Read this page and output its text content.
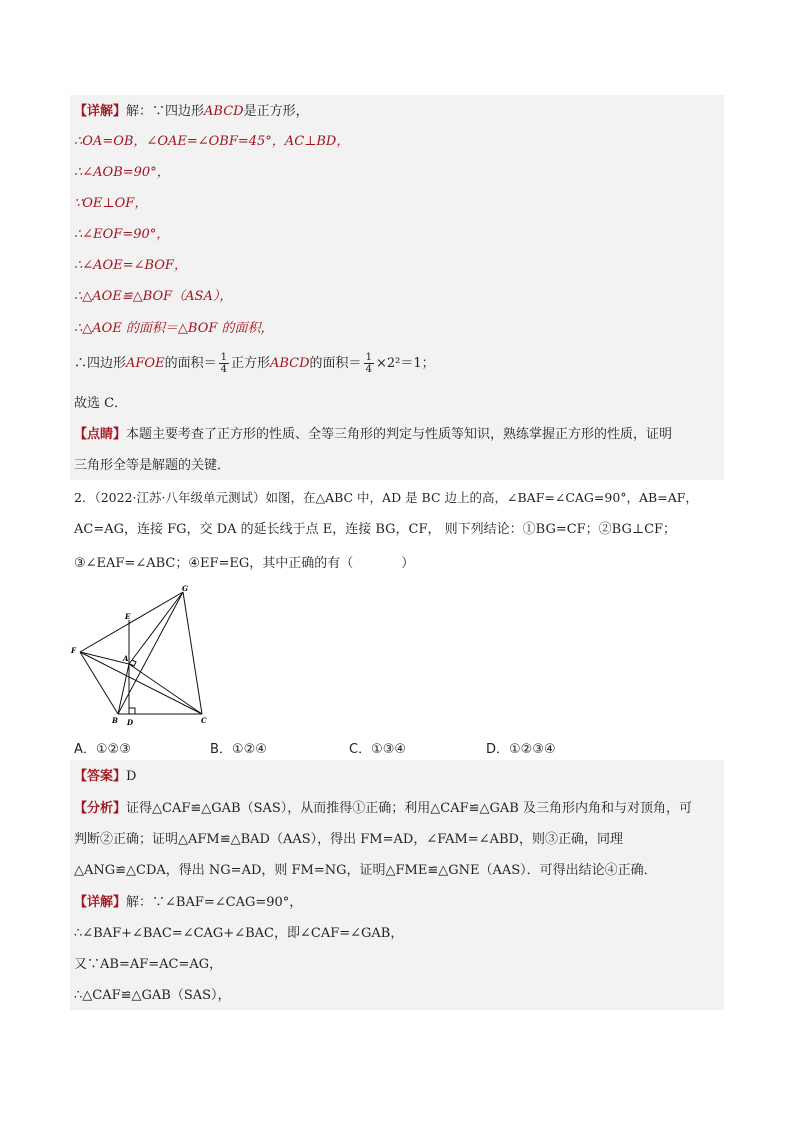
【详解】解：∵四边形ABCD是正方形，
∴OA=OB，∠OAE=∠OBF=45°，AC⊥BD，
∴∠AOB=90°，
∵OE⊥OF，
∴∠EOF=90°，
∴∠AOE=∠BOF，
∴△AOE≌△BOF（ASA），
∴△AOE 的面积＝△BOF 的面积，
∴四边形AFOE的面积＝ $\frac{1}{4}$ 正方形ABCD的面积＝ $\frac{1}{4} \times 2^2=1$；
故选 C．
【点睛】本题主要考查了正方形的性质、全等三角形的判定与性质等知识，熟练掌握正方形的性质，证明
三角形全等是解题的关键．
2．（2022·江苏·八年级单元测试）如图，在△ABC 中，AD 是 BC 边上的高，∠BAF=∠CAG=90°，AB=AF，
AC=AG，连接 FG，交 DA 的延长线于点 E，连接 BG，CF， 则下列结论：①BG=CF；②BG⊥CF；
③∠EAF=∠ABC；④EF=EG，其中正确的有（	）
G
E
F
A
B D	C
A．①②③	B．①②④	C．①③④	D．①②③④
【答案】D
【分析】证得△CAF≌△GAB（SAS），从而推得①正确；利用△CAF≌△GAB 及三角形内角和与对顶角，可
判断②正确；证明△AFM≌△BAD（AAS），得出 FM=AD，∠FAM=∠ABD，则③正确，同理
△ANG≌△CDA，得出 NG=AD，则 FM=NG，证明△FME≌△GNE（AAS）．可得出结论④正确．
【详解】解：∵∠BAF=∠CAG=90°，
∴∠BAF+∠BAC=∠CAG+∠BAC，即∠CAF=∠GAB，
又∵AB=AF=AC=AG，
∴△CAF≌△GAB（SAS），
